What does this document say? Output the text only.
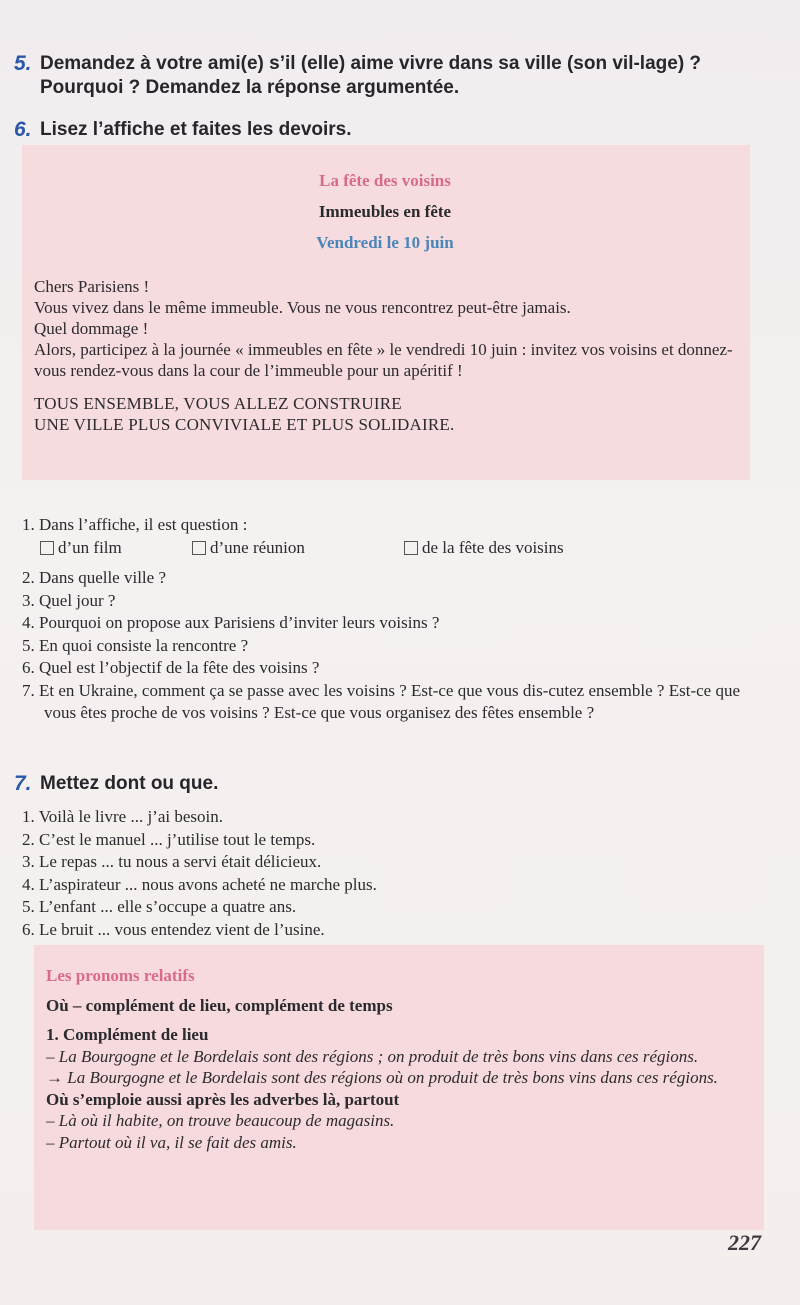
5. Demandez à votre ami(e) s’il (elle) aime vivre dans sa ville (son vil-lage) ? Pourquoi ? Demandez la réponse argumentée.
6. Lisez l’affiche et faites les devoirs.
La fête des voisins
Immeubles en fête
Vendredi le 10 juin

Chers Parisiens !

Vous vivez dans le même immeuble. Vous ne vous rencontrez peut-être jamais.

Quel dommage !

Alors, participez à la journée « immeubles en fête » le vendredi 10 juin : invitez vos voisins et donnez-vous rendez-vous dans la cour de l’immeuble pour un apéritif !

TOUS ENSEMBLE, VOUS ALLEZ CONSTRUIRE
UNE VILLE PLUS CONVIVIALE ET PLUS SOLIDAIRE.
1. Dans l’affiche, il est question :
d’un film	d’une réunion	de la fête des voisins
2. Dans quelle ville ?
3. Quel jour ?
4. Pourquoi on propose aux Parisiens d’inviter leurs voisins ?
5. En quoi consiste la rencontre ?
6. Quel est l’objectif de la fête des voisins ?
7. Et en Ukraine, comment ça se passe avec les voisins ? Est-ce que vous dis-cutez ensemble ? Est-ce que vous êtes proche de vos voisins ? Est-ce que vous organisez des fêtes ensemble ?
7. Mettez dont ou que.
1. Voilà le livre ... j’ai besoin.
2. C’est le manuel ... j’utilise tout le temps.
3. Le repas ... tu nous a servi était délicieux.
4. L’aspirateur ... nous avons acheté ne marche plus.
5. L’enfant ... elle s’occupe a quatre ans.
6. Le bruit ... vous entendez vient de l’usine.
Les pronoms relatifs
Où – complément de lieu, complément de temps
1. Complément de lieu
– La Bourgogne et le Bordelais sont des régions ; on produit de très bons vins dans ces régions.
→ La Bourgogne et le Bordelais sont des régions où on produit de très bons vins dans ces régions.
Où s’emploie aussi après les adverbes là, partout
– Là où il habite, on trouve beaucoup de magasins.
– Partout où il va, il se fait des amis.
227
